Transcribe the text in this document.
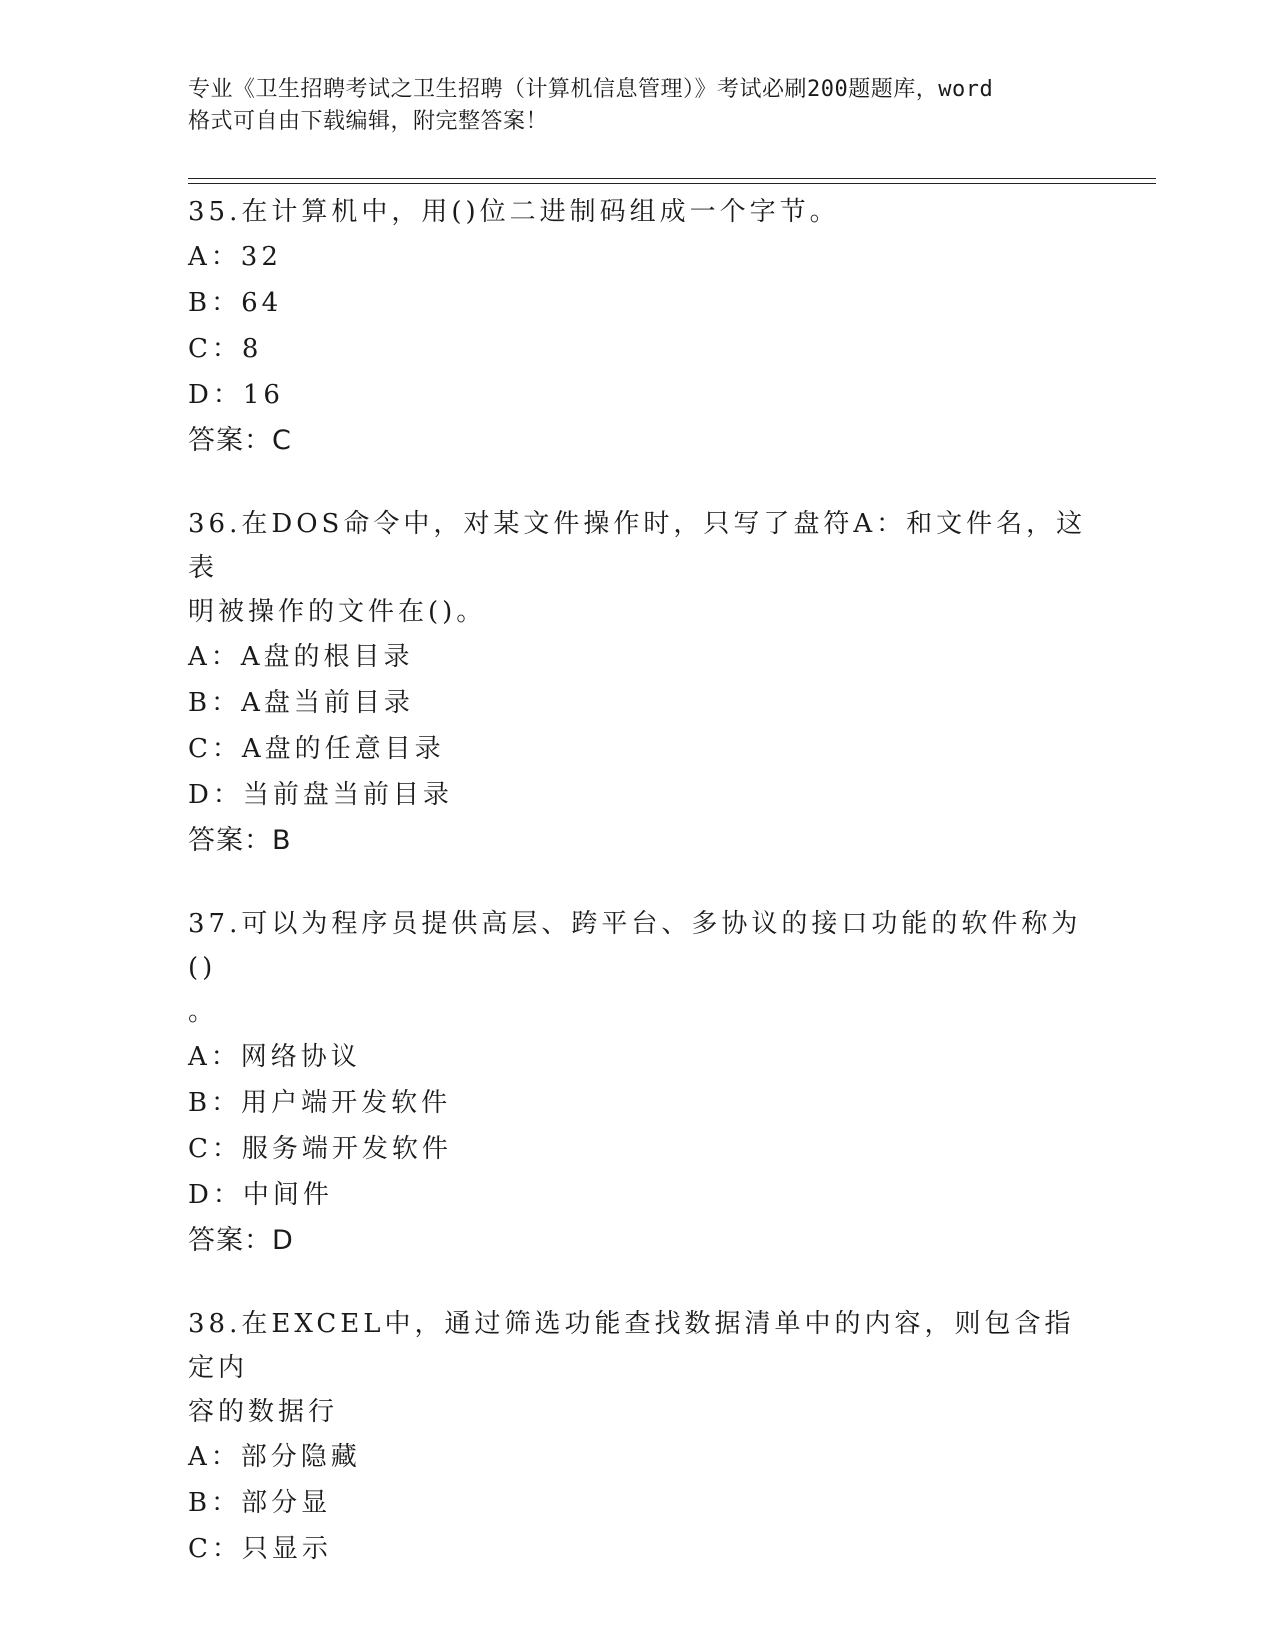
专业《卫生招聘考试之卫生招聘（计算机信息管理）》考试必刷200题题库，word
格式可自由下载编辑，附完整答案！

35.在计算机中，用()位二进制码组成一个字节。

A：32

B：64

C：8

D：16

答案：C

36.在DOS命令中，对某文件操作时，只写了盘符A：和文件名，这表

明被操作的文件在()。

A：A盘的根目录

B：A盘当前目录

C：A盘的任意目录

D：当前盘当前目录

答案：B

37.可以为程序员提供高层、跨平台、多协议的接口功能的软件称为()

。

A：网络协议

B：用户端开发软件

C：服务端开发软件

D：中间件

答案：D

38.在EXCEL中，通过筛选功能查找数据清单中的内容，则包含指定内

容的数据行

A：部分隐藏

B：部分显

C：只显示
